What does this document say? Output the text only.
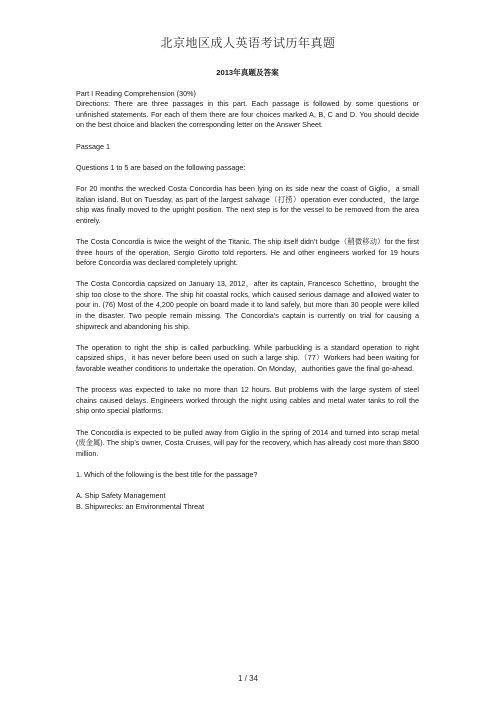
北京地区成人英语考试历年真题
2013年真题及答案

Part I Reading Comprehension (30%)

Directions: There are three passages in this part. Each passage is followed by some questions or unfinished statements. For each of them there are four choices marked A, B, C and D. You should decide on the best choice and blacken the corresponding letter on the Answer Sheet.

Passage 1

Questions 1 to 5 are based on the following passage:

For 20 months the wrecked Costa Concordia has been lying on its side near the coast of Giglio，a small Italian island. But on Tuesday, as part of the largest salvage（打捞）operation ever conducted，the large ship was finally moved to the upright position. The next step is for the vessel to be removed from the area entirely.

The Costa Concordia is twice the weight of the Titanic. The ship itself didn’t budge（稍微移动）for the first three hours of the operation, Sergio Girotto told reporters. He and other engineers worked for 19 hours before Concordia was declared completely upright.

The Costa Concordia capsized on January 13, 2012，after its captain, Francesco Schettino，brought the ship too close to the shore. The ship hit coastal rocks, which caused serious damage and allowed water to pour in. (76) Most of the 4,200 people on board made it to land safely, but more than 30 people were killed in the disaster. Two people remain missing. The Concordia’s captain is currently on trial for causing a shipwreck and abandoning his ship.

The operation to right the ship is called parbuckling. While parbuckling is a standard operation to right capsized ships，it has never before been used on such a large ship.（77）Workers had been waiting for favorable weather conditions to undertake the operation. On Monday，authorities gave the final go-ahead.

The process was expected to take no more than 12 hours. But problems with the large system of steel chains caused delays. Engineers worked through the night using cables and metal water tanks to roll the ship onto special platforms.

The Concordia is expected to be pulled away from Giglio in the spring of 2014 and turned into scrap metal (废金属). The ship’s owner, Costa Cruises, will pay for the recovery, which has already cost more than $800 million.

1. Which of the following is the best title for the passage?

A. Ship Safety Management

B. Shipwrecks: an Environmental Threat

1 / 34
